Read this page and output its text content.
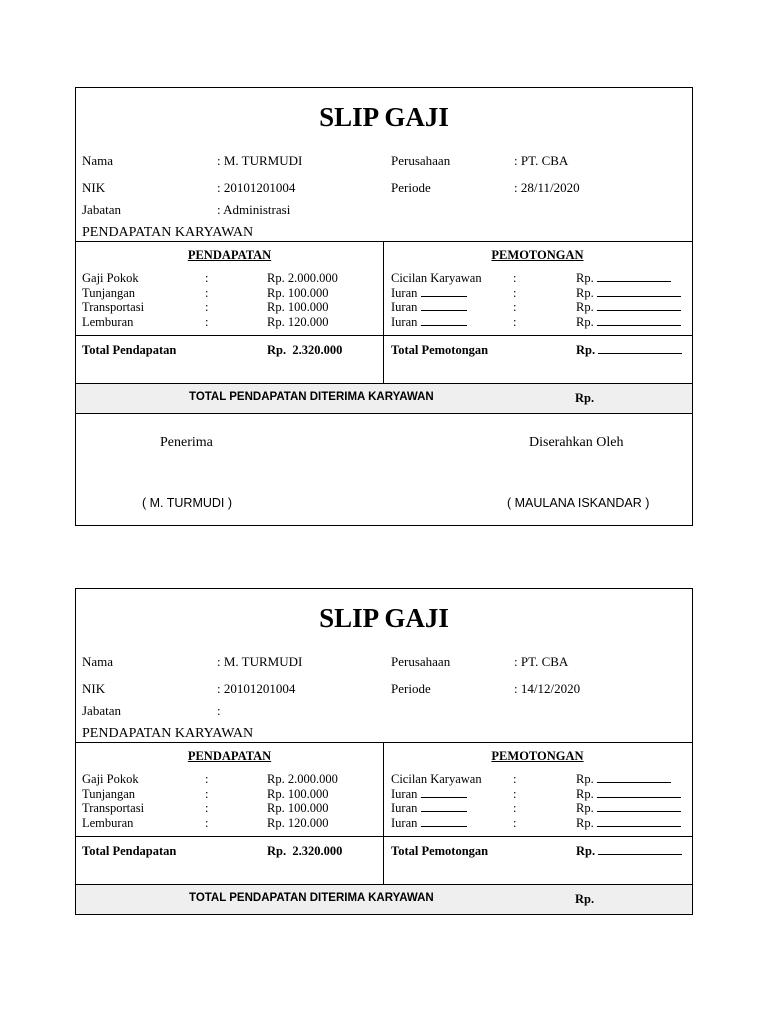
SLIP GAJI
Nama	: M. TURMUDI	Perusahaan	: PT. CBA
NIK	: 20101201004	Periode	: 28/11/2020
Jabatan	: Administrasi
PENDAPATAN KARYAWAN
PENDAPATAN	PEMOTONGAN
Gaji Pokok	:	Rp. 2.000.000
Tunjangan	:	Rp. 100.000
Transportasi	:	Rp. 100.000
Lemburan	:	Rp. 120.000
Cicilan Karyawan	:	Rp.
Iuran	:	Rp.
Iuran	:	Rp.
Iuran	:	Rp.
Total Pendapatan	Rp.  2.320.000	Total Pemotongan	Rp.
TOTAL PENDAPATAN DITERIMA KARYAWAN	Rp.
Penerima	Diserahkan Oleh
( M. TURMUDI )	( MAULANA ISKANDAR )
SLIP GAJI
Nama	: M. TURMUDI	Perusahaan	: PT. CBA
NIK	: 20101201004	Periode	: 14/12/2020
Jabatan	:
PENDAPATAN KARYAWAN
PENDAPATAN	PEMOTONGAN
Gaji Pokok	:	Rp. 2.000.000
Tunjangan	:	Rp. 100.000
Transportasi	:	Rp. 100.000
Lemburan	:	Rp. 120.000
Cicilan Karyawan	:	Rp.
Iuran	:	Rp.
Iuran	:	Rp.
Iuran	:	Rp.
Total Pendapatan	Rp.  2.320.000	Total Pemotongan	Rp.
TOTAL PENDAPATAN DITERIMA KARYAWAN	Rp.
